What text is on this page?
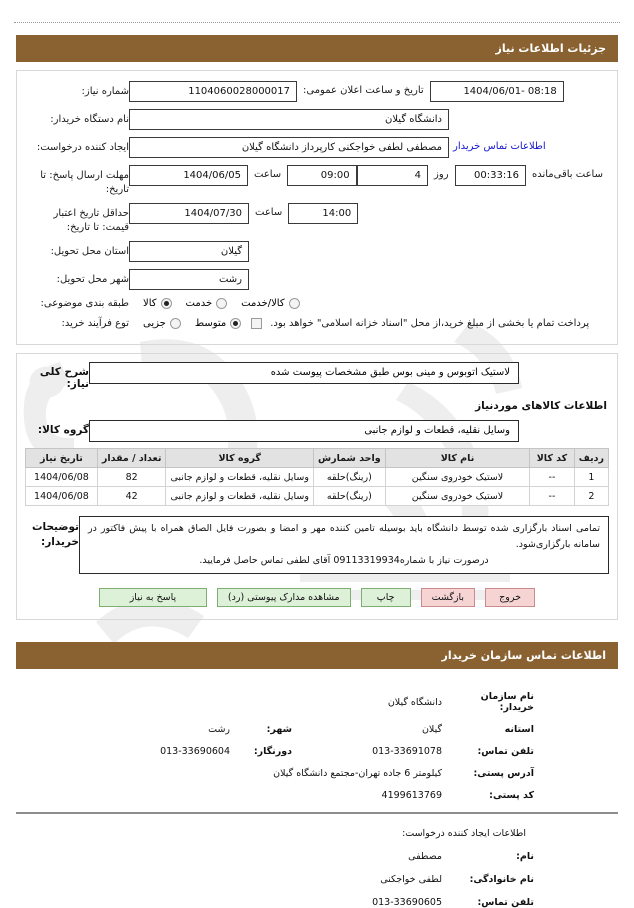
جزئیات اطلاعات نیاز
1404/06/01- 08:18
تاریخ و ساعت اعلان عمومی:
1104060028000017
شماره نیاز:
دانشگاه گیلان
نام دستگاه خریدار:
اطلاعات تماس خریدار
مصطفی لطفی خواجکنی کارپرداز دانشگاه گیلان
ایجاد کننده درخواست:
ساعت باقی‌مانده
00:33:16
روز
4
09:00
ساعت
1404/06/05
مهلت ارسال پاسخ: تا تاریخ:
14:00
ساعت
1404/07/30
حداقل تاریخ اعتبار قیمت: تا تاریخ:
گیلان
استان محل تحویل:
رشت
شهر محل تحویل:
کالا/خدمت
خدمت
کالا
طبقه بندی موضوعی:
پرداخت تمام یا بخشی از مبلغ خرید،از محل "اسناد خزانه اسلامی" خواهد بود.
متوسط
جزیی
توع فرآیند خرید:
لاستیک اتوبوس و مینی بوس طبق مشخصات پیوست شده
شرح کلی نیاز:
اطلاعات کالاهای موردنیاز
وسایل نقلیه، قطعات و لوازم جانبی
گروه کالا:
ردیف	کد کالا	نام کالا	واحد شمارش	گروه کالا	تعداد / مقدار	تاریخ نیاز
1	--	لاستیک خودروی سنگین	(رینگ)حلقه	وسایل نقلیه، قطعات و لوازم جانبی	82	1404/06/08
2	--	لاستیک خودروی سنگین	(رینگ)حلقه	وسایل نقلیه، قطعات و لوازم جانبی	42	1404/06/08

تمامی اسناد بارگزاری شده توسط دانشگاه باید بوسیله تامین کننده مهر و امضا و بصورت فایل الصاق همراه با پیش فاکتور در سامانه بارگزاری‌شود.

درصورت نیاز با شماره09113319934 آقای لطفی تماس حاصل فرمایید.

توضیحات خریدار:
خروج
بازگشت
چاپ
مشاهده مدارک پیوستی (رد)
پاسخ به نیاز
اطلاعات تماس سازمان خریدار
نام سازمان خریدار:
دانشگاه گیلان
استانه
گیلان
شهر:
رشت
تلفن تماس:
013-33691078
دورنگار:
013-33690604
آدرس پستی:
کیلومتر 6 جاده تهران-مجتمع دانشگاه گیلان
کد پستی:
4199613769
اطلاعات ایجاد کننده درخواست:
نام:
مصطفی
نام خانوادگی:
لطفی خواجکنی
تلفن تماس:
013-33690605
